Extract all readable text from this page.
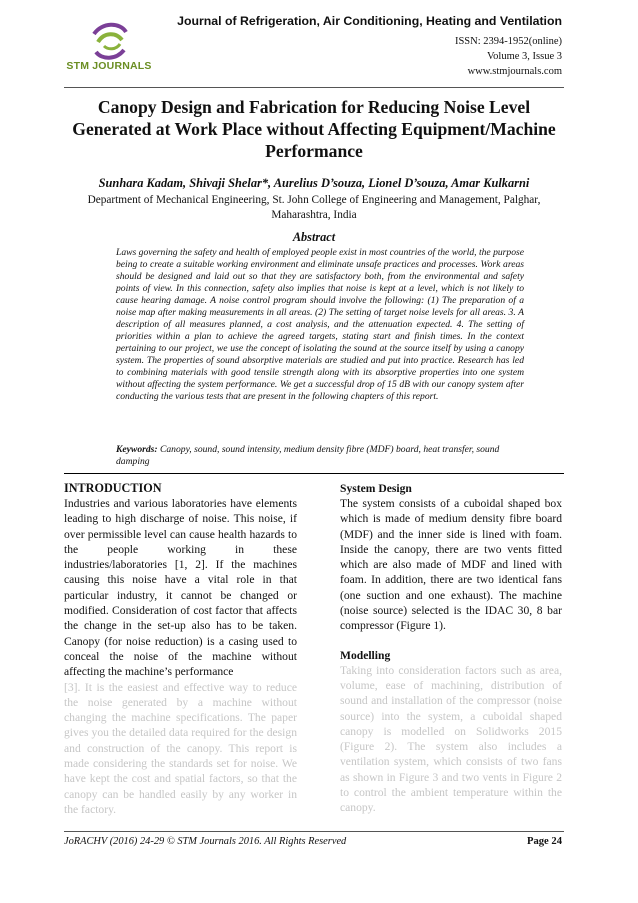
STM JOURNALS
Journal of Refrigeration, Air Conditioning, Heating and Ventilation
ISSN: 2394-1952(online)
Volume 3, Issue 3
www.stmjournals.com
Canopy Design and Fabrication for Reducing Noise Level Generated at Work Place without Affecting Equipment/Machine Performance
Sunhara Kadam, Shivaji Shelar*, Aurelius D’souza, Lionel D’souza, Amar Kulkarni
Department of Mechanical Engineering, St. John College of Engineering and Management, Palghar, Maharashtra, India
Abstract

Laws governing the safety and health of employed people exist in most countries of the world, the purpose being to create a suitable working environment and eliminate unsafe practices and processes. Work areas should be designed and laid out so that they are satisfactory both, from the environmental and safety points of view. In this connection, safety also implies that noise is kept at a level, which is not likely to cause hearing damage. A noise control program should involve the following: (1) The preparation of a noise map after making measurements in all areas. (2) The setting of target noise levels for all areas. 3. A description of all measures planned, a cost analysis, and the attenuation expected. 4. The setting of priorities within a plan to achieve the agreed targets, stating start and finish times. In the context pertaining to our project, we use the concept of isolating the sound at the source itself by using a canopy system. The properties of sound absorptive materials are studied and put into practice. Research has led to combining materials with good tensile strength along with its absorptive properties into one system without affecting the system performance. We get a successful drop of 15 dB with our canopy system after conducting the various tests that are present in the following chapters of this report.

Keywords: Canopy, sound, sound intensity, medium density fibre (MDF) board, heat transfer, sound damping

INTRODUCTION

Industries and various laboratories have elements leading to high discharge of noise. This noise, if over permissible level can cause health hazards to the people working in these industries/laboratories [1, 2]. If the machines causing this noise have a vital role in that particular industry, it cannot be changed or modified. Consideration of cost factor that affects the change in the set-up also has to be taken. Canopy (for noise reduction) is a casing used to conceal the noise of the machine without affecting the machine’s performance

[3]. It is the easiest and effective way to reduce the noise generated by a machine without changing the machine specifications. The paper gives you the detailed data required for the design and construction of the canopy. This report is made considering the standards set for noise. We have kept the cost and spatial factors, so that the canopy can be handled easily by any worker in the factory.

System Design

The system consists of a cuboidal shaped box which is made of medium density fibre board (MDF) and the inner side is lined with foam. Inside the canopy, there are two vents fitted which are also made of MDF and lined with foam. In addition, there are two identical fans (one suction and one exhaust). The machine (noise source) selected is the IDAC 30, 8 bar compressor (Figure 1).

Modelling

Taking into consideration factors such as area, volume, ease of machining, distribution of sound and installation of the compressor (noise source) into the system, a cuboidal shaped canopy is modelled on Solidworks 2015 (Figure 2). The system also includes a ventilation system, which consists of two fans as shown in Figure 3 and two vents in Figure 2 to control the ambient temperature within the canopy.

JoRACHV (2016) 24-29 © STM Journals 2016. All Rights Reserved	Page 24
